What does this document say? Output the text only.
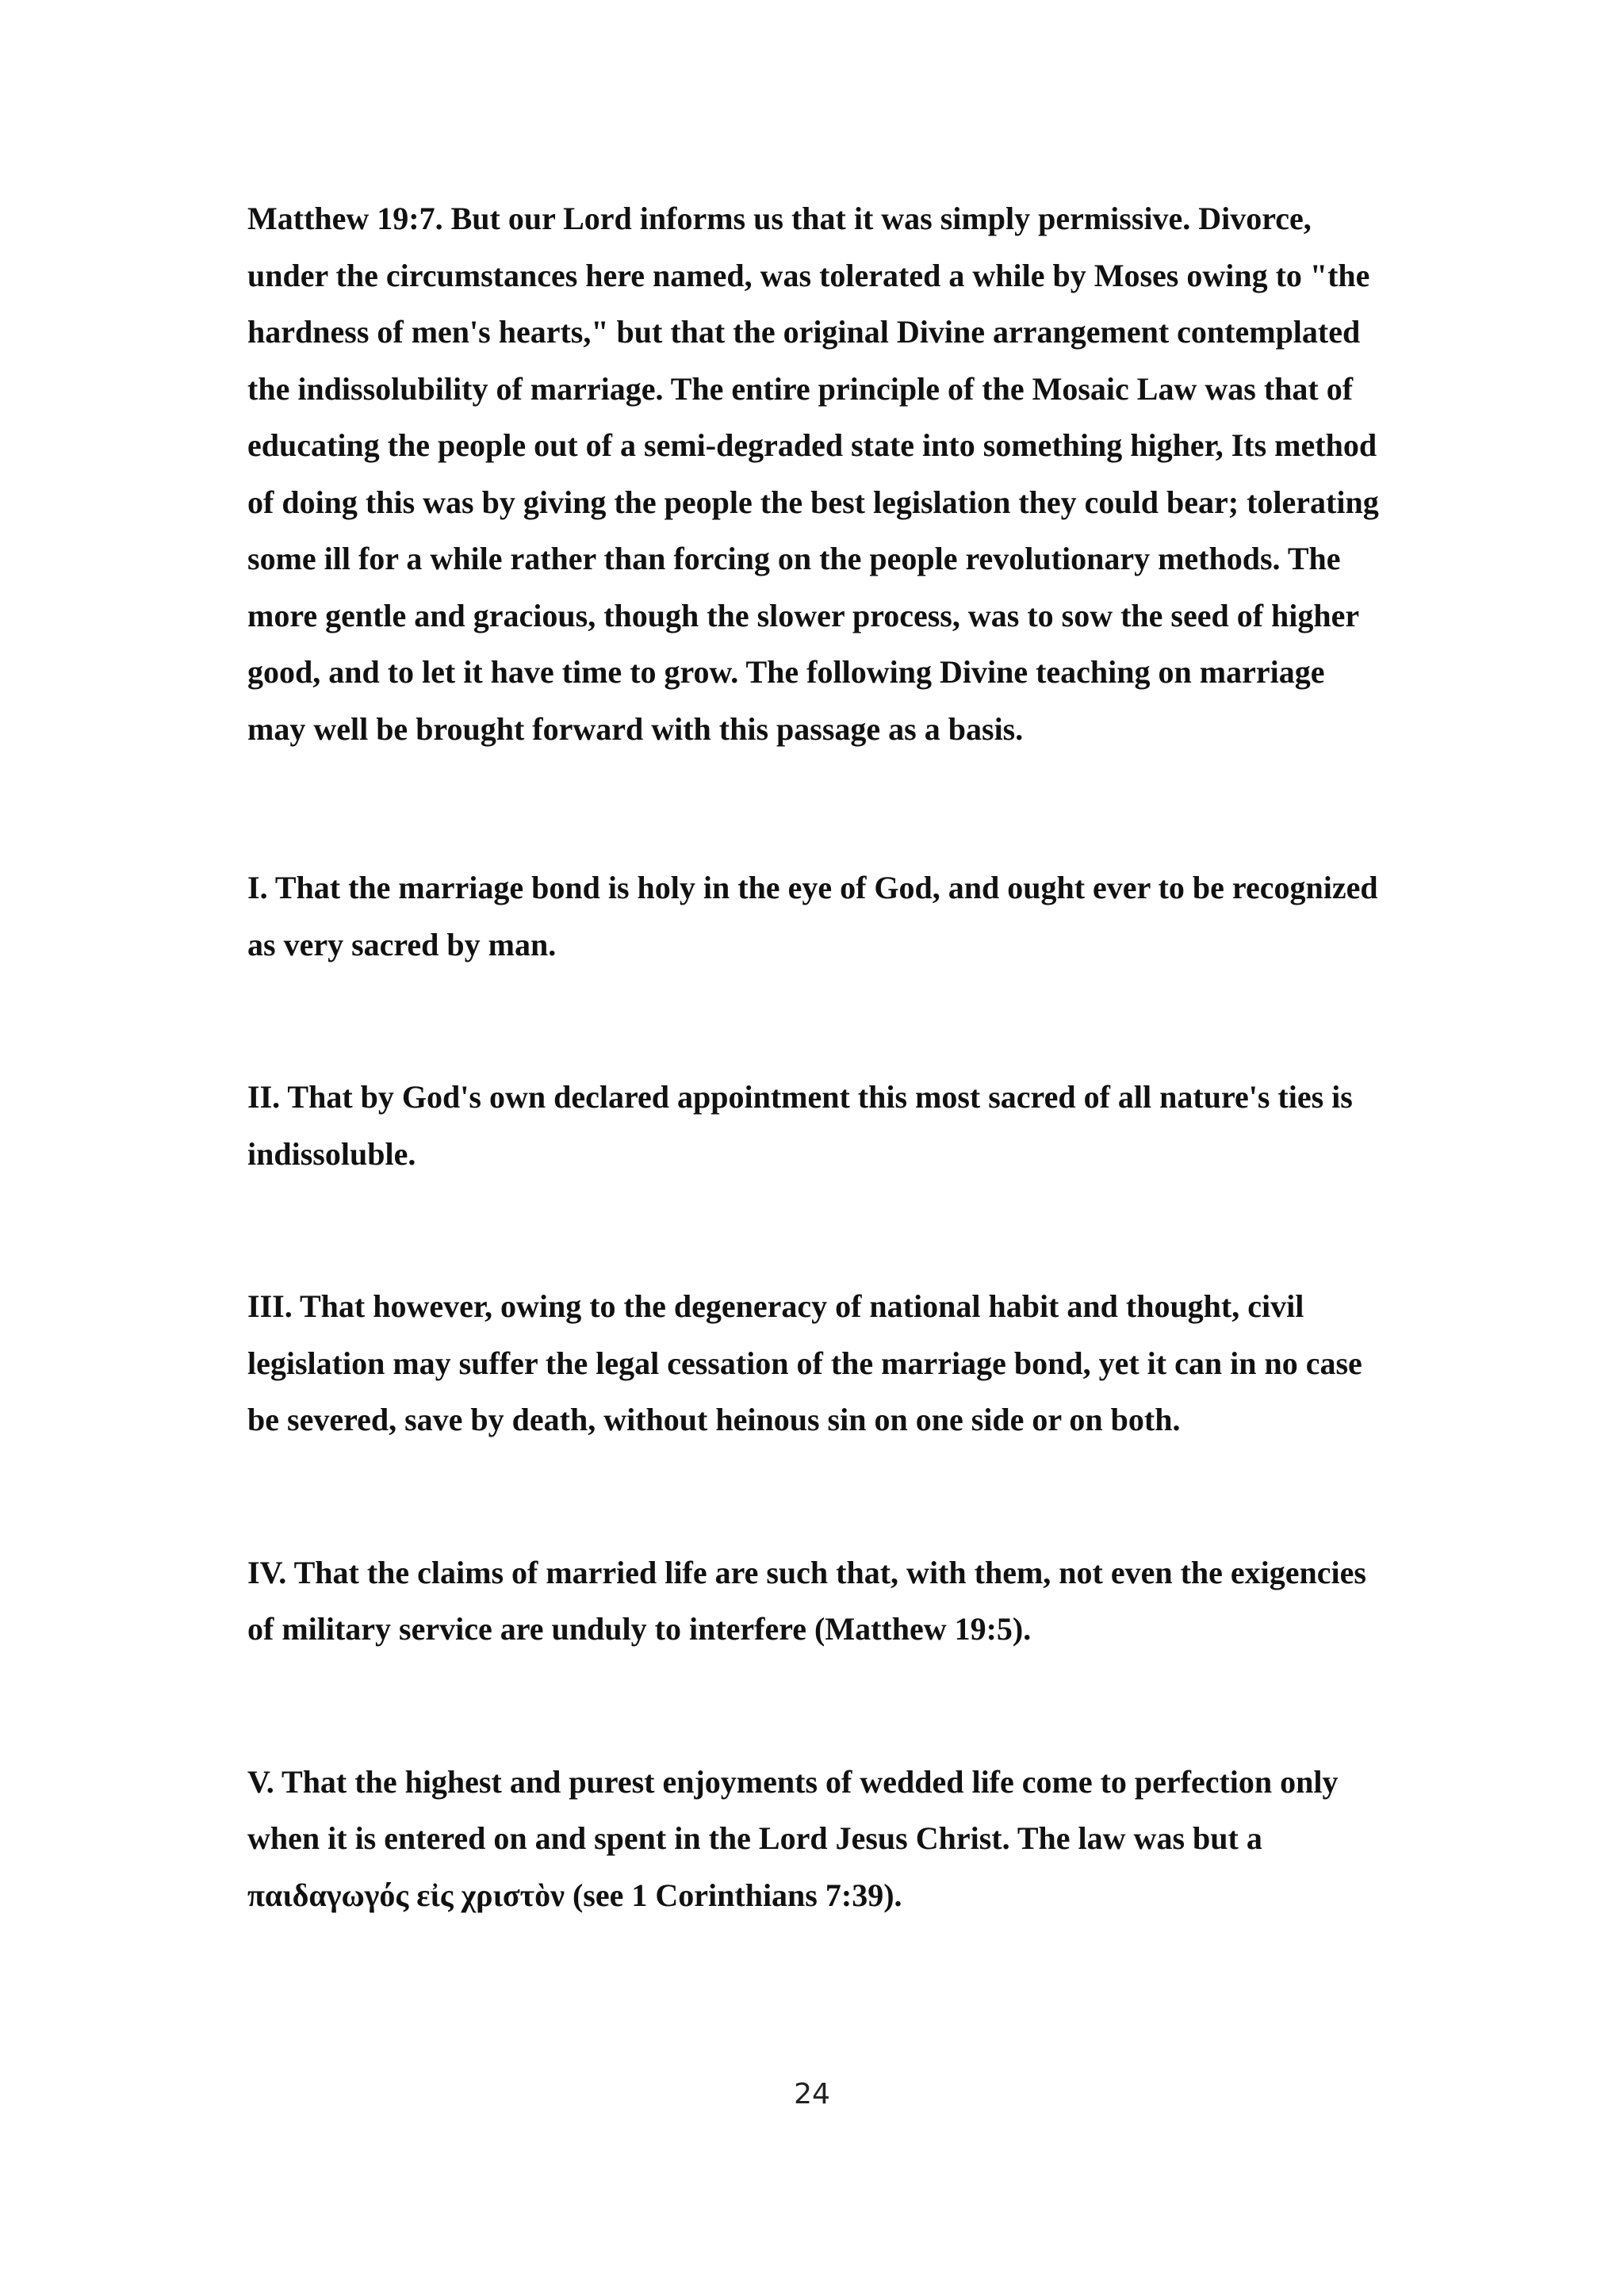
Matthew 19:7. But our Lord informs us that it was simply permissive. Divorce, under the circumstances here named, was tolerated a while by Moses owing to "the hardness of men's hearts," but that the original Divine arrangement contemplated the indissolubility of marriage. The entire principle of the Mosaic Law was that of educating the people out of a semi-degraded state into something higher, Its method of doing this was by giving the people the best legislation they could bear; tolerating some ill for a while rather than forcing on the people revolutionary methods. The more gentle and gracious, though the slower process, was to sow the seed of higher good, and to let it have time to grow. The following Divine teaching on marriage may well be brought forward with this passage as a basis.

I. That the marriage bond is holy in the eye of God, and ought ever to be recognized as very sacred by man.

II. That by God's own declared appointment this most sacred of all nature's ties is indissoluble.

III. That however, owing to the degeneracy of national habit and thought, civil legislation may suffer the legal cessation of the marriage bond, yet it can in no case be severed, save by death, without heinous sin on one side or on both.

IV. That the claims of married life are such that, with them, not even the exigencies of military service are unduly to interfere (Matthew 19:5).

V. That the highest and purest enjoyments of wedded life come to perfection only when it is entered on and spent in the Lord Jesus Christ. The law was but a παιδαγωγός εἰς χριστὸν (see 1 Corinthians 7:39).

24
